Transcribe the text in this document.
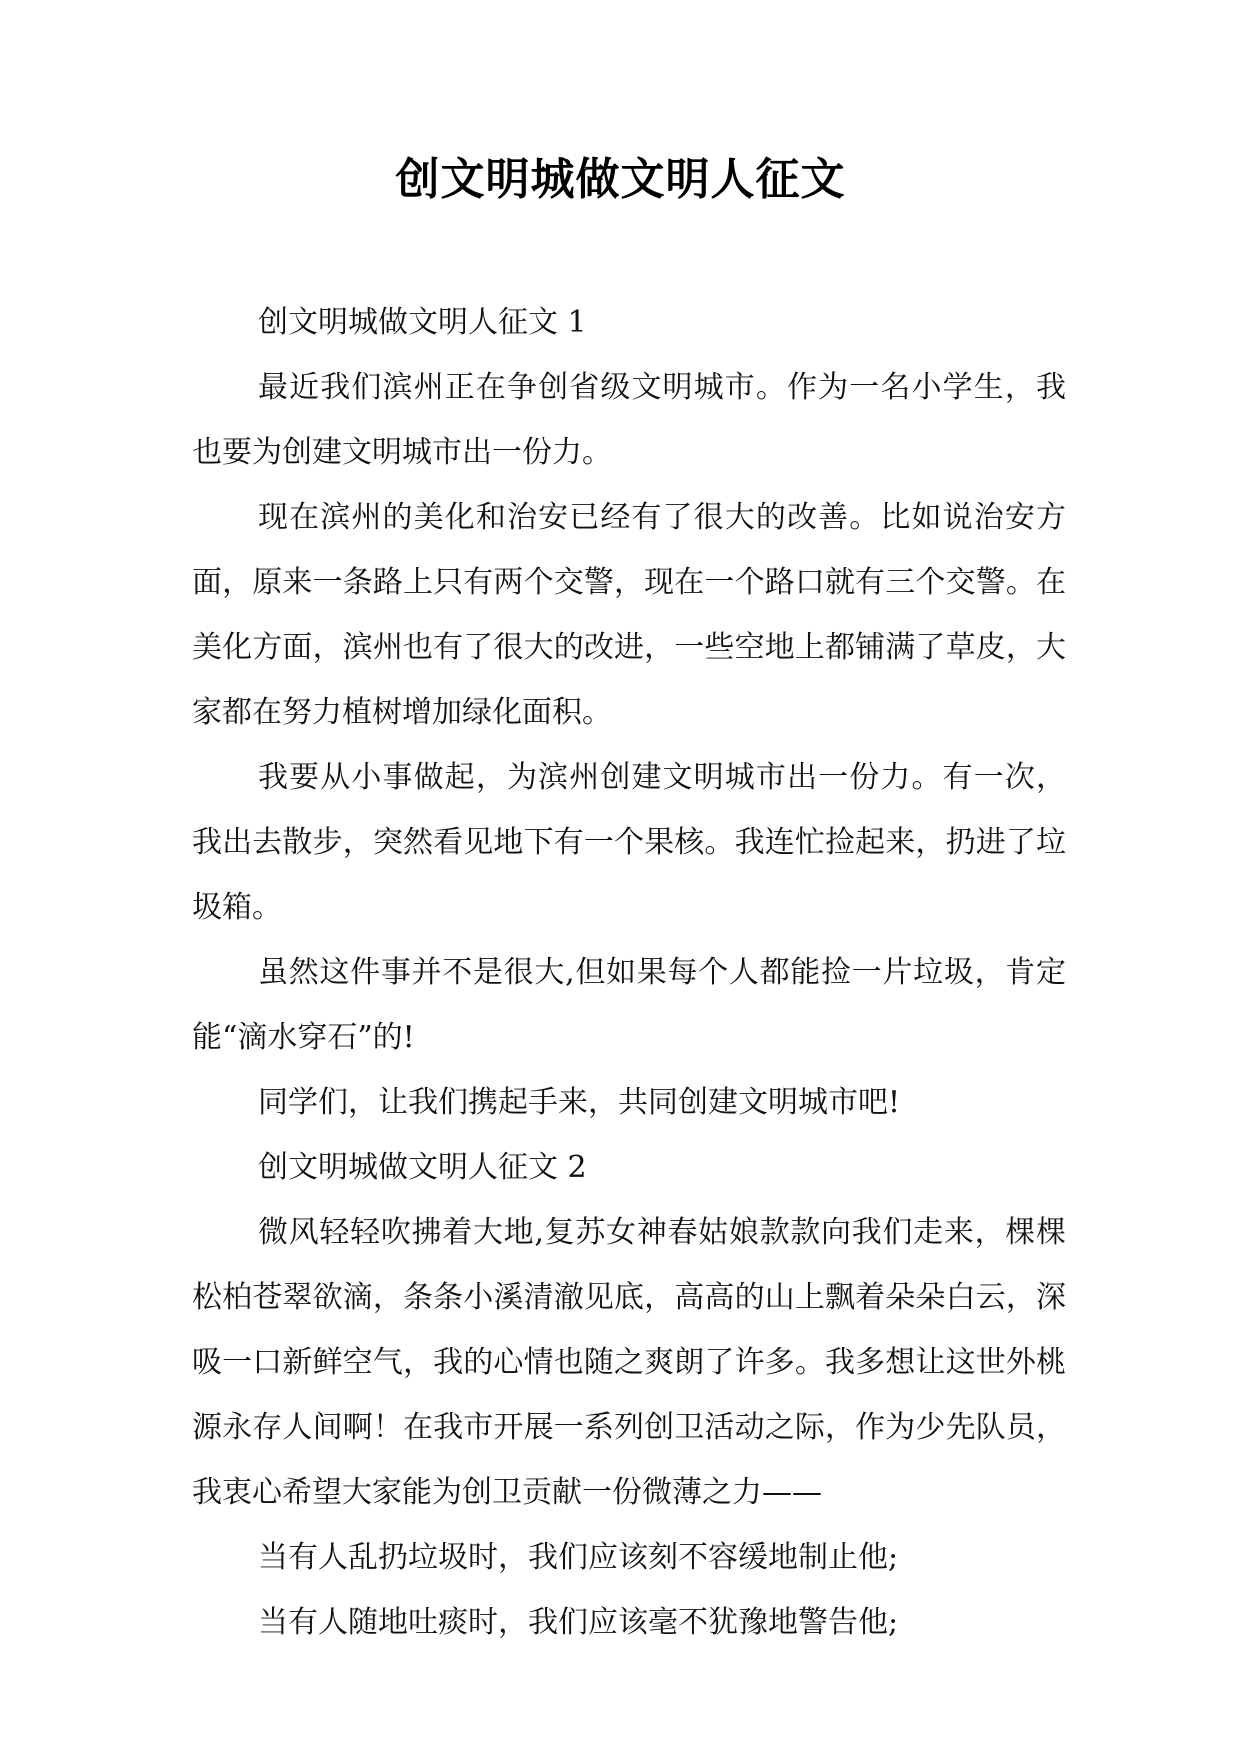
创文明城做文明人征文

创文明城做文明人征文 1

最近我们滨州正在争创省级文明城市。作为一名小学生，我也要为创建文明城市出一份力。

现在滨州的美化和治安已经有了很大的改善。比如说治安方面，原来一条路上只有两个交警，现在一个路口就有三个交警。在美化方面，滨州也有了很大的改进，一些空地上都铺满了草皮，大家都在努力植树增加绿化面积。

我要从小事做起，为滨州创建文明城市出一份力。有一次，我出去散步，突然看见地下有一个果核。我连忙捡起来，扔进了垃圾箱。

虽然这件事并不是很大,但如果每个人都能捡一片垃圾，肯定能“滴水穿石”的!

同学们，让我们携起手来，共同创建文明城市吧!

创文明城做文明人征文 2

微风轻轻吹拂着大地,复苏女神春姑娘款款向我们走来，棵棵松柏苍翠欲滴，条条小溪清澈见底，高高的山上飘着朵朵白云，深吸一口新鲜空气，我的心情也随之爽朗了许多。我多想让这世外桃源永存人间啊！在我市开展一系列创卫活动之际，作为少先队员，我衷心希望大家能为创卫贡献一份微薄之力——

当有人乱扔垃圾时，我们应该刻不容缓地制止他;

当有人随地吐痰时，我们应该毫不犹豫地警告他;
